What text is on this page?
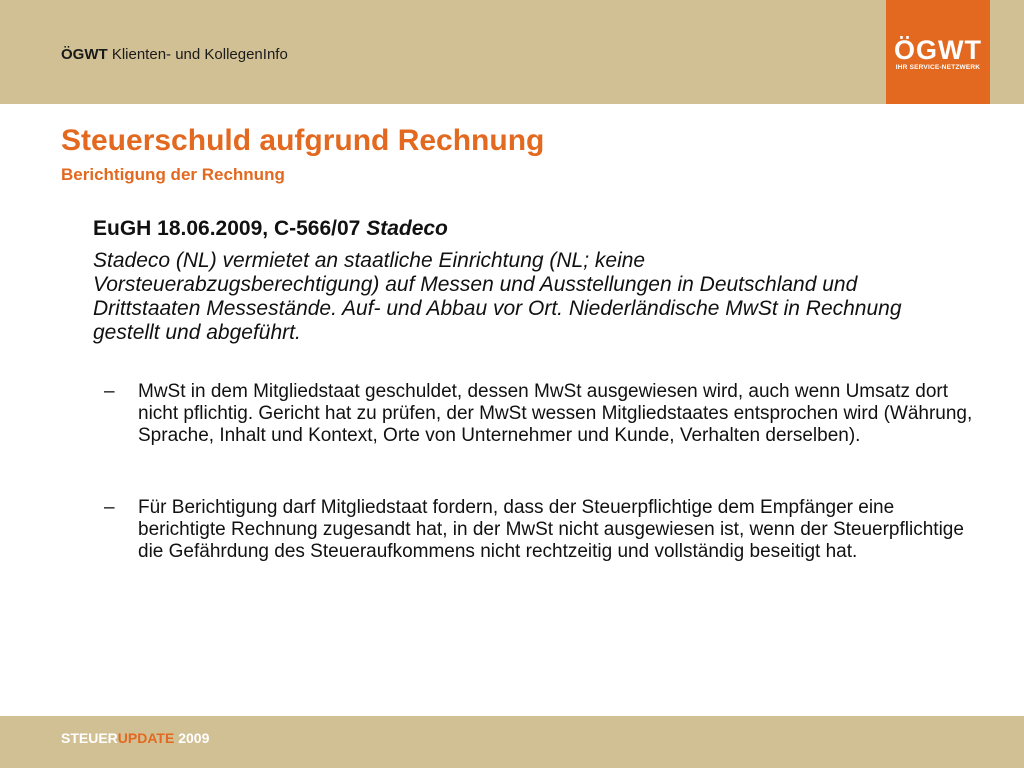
ÖGWT Klienten- und KollegenInfo	ÖGWT
IHR SERVICE-NETZWERK
Steuerschuld aufgrund Rechnung
Berichtigung der Rechnung
EuGH 18.06.2009, C-566/07 Stadeco
Stadeco (NL) vermietet an staatliche Einrichtung (NL; keine Vorsteuerabzugsberechtigung) auf Messen und Ausstellungen in Deutschland und Drittstaaten Messestände. Auf- und Abbau vor Ort. Niederländische MwSt in Rechnung gestellt und abgeführt.
– MwSt in dem Mitgliedstaat geschuldet, dessen MwSt ausgewiesen wird, auch wenn Umsatz dort nicht pflichtig. Gericht hat zu prüfen, der MwSt wessen Mitgliedstaates entsprochen wird (Währung, Sprache, Inhalt und Kontext, Orte von Unternehmer und Kunde, Verhalten derselben).
– Für Berichtigung darf Mitgliedstaat fordern, dass der Steuerpflichtige dem Empfänger eine berichtigte Rechnung zugesandt hat, in der MwSt nicht ausgewiesen ist, wenn der Steuerpflichtige die Gefährdung des Steueraufkommens nicht rechtzeitig und vollständig beseitigt hat.
STEUERUPDATE 2009
